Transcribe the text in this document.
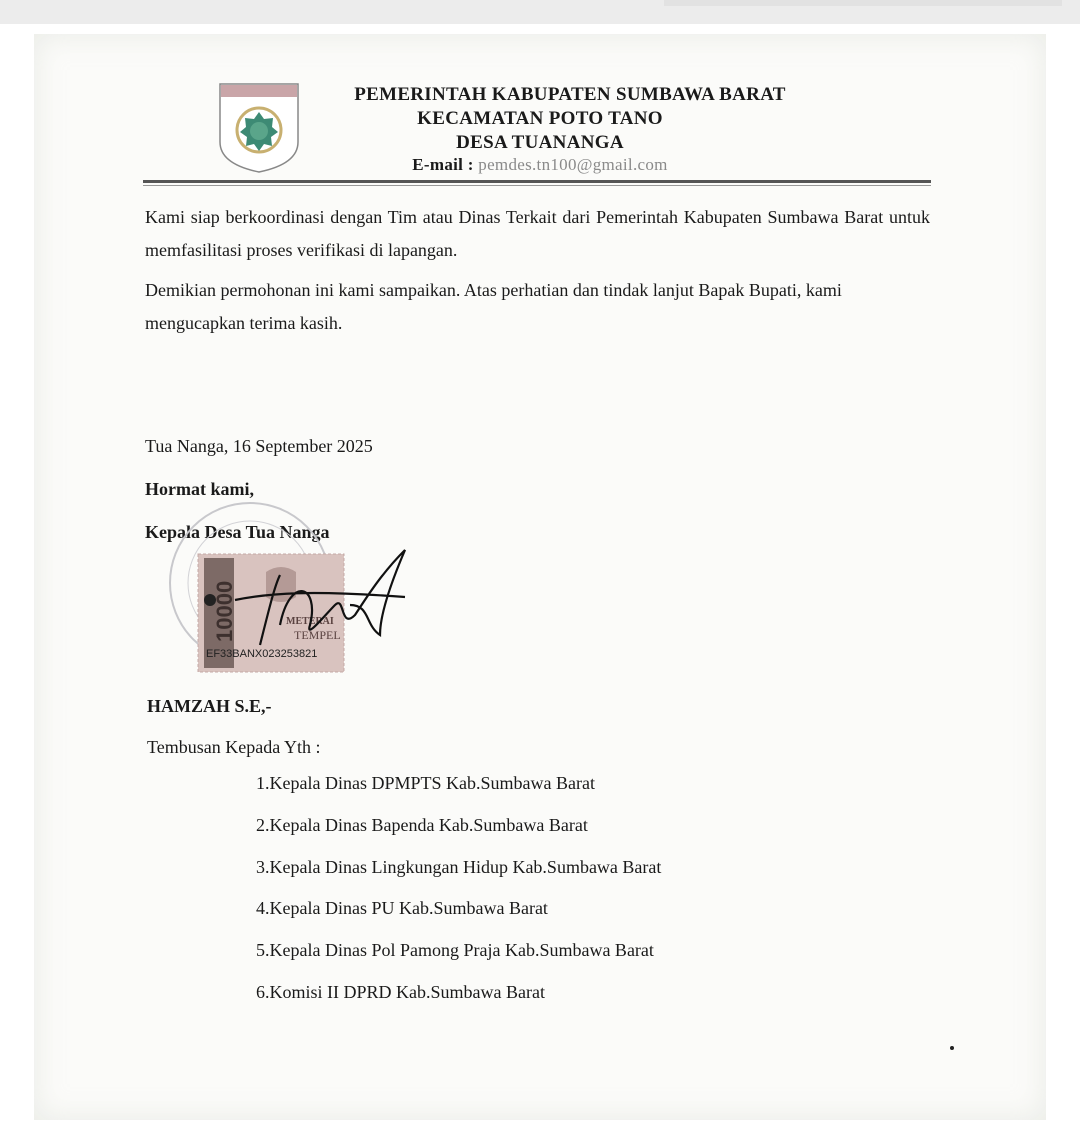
PEMERINTAH KABUPATEN SUMBAWA BARAT
KECAMATAN POTO TANO
DESA TUANANGA
E-mail : pemdes.tn100@gmail.com
Kami siap berkoordinasi dengan Tim atau Dinas Terkait dari Pemerintah Kabupaten Sumbawa Barat untuk memfasilitasi proses verifikasi di lapangan.
Demikian permohonan ini kami sampaikan. Atas perhatian dan tindak lanjut Bapak Bupati, kami mengucapkan terima kasih.
Tua Nanga, 16 September 2025
Hormat kami,
Kepala Desa Tua Nanga
10000	METERAI
TEMPEL
EF33BANX023253821
HAMZAH S.E,-
Tembusan Kepada Yth :
1.Kepala Dinas DPMPTS Kab.Sumbawa Barat
2.Kepala Dinas Bapenda Kab.Sumbawa Barat
3.Kepala Dinas Lingkungan Hidup Kab.Sumbawa Barat
4.Kepala Dinas PU Kab.Sumbawa Barat
5.Kepala Dinas Pol Pamong Praja Kab.Sumbawa Barat
6.Komisi II DPRD Kab.Sumbawa Barat
